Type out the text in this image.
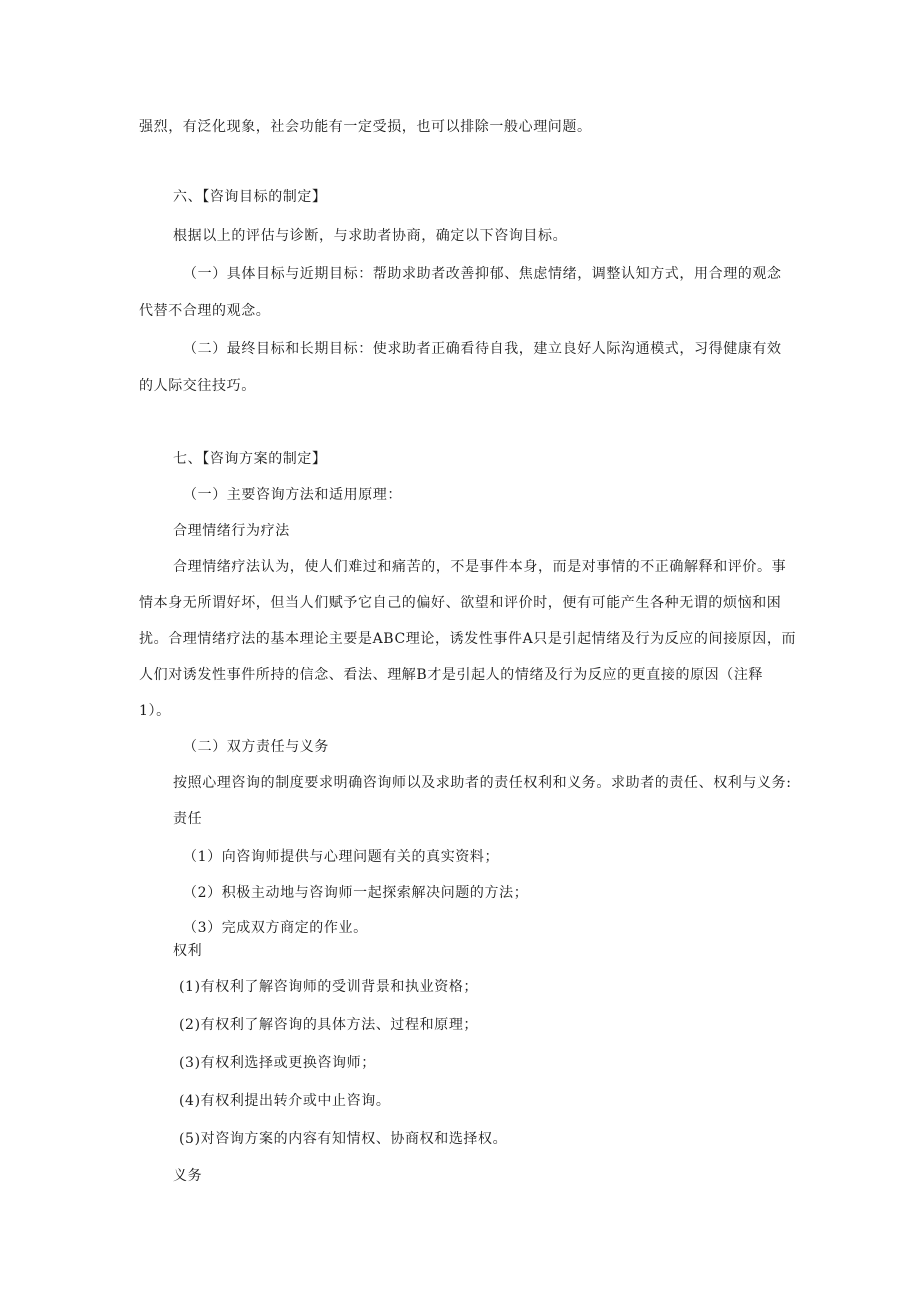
强烈，有泛化现象，社会功能有一定受损，也可以排除一般心理问题。
六、【咨询目标的制定】
根据以上的评估与诊断，与求助者协商，确定以下咨询目标。
（一）具体目标与近期目标：帮助求助者改善抑郁、焦虑情绪，调整认知方式，用合理的观念
代替不合理的观念。
（二）最终目标和长期目标：使求助者正确看待自我，建立良好人际沟通模式，习得健康有效
的人际交往技巧。
七、【咨询方案的制定】
（一）主要咨询方法和适用原理：
合理情绪行为疗法
合理情绪疗法认为，使人们难过和痛苦的，不是事件本身，而是对事情的不正确解释和评价。事
情本身无所谓好坏，但当人们赋予它自己的偏好、欲望和评价时，便有可能产生各种无谓的烦恼和困
扰。合理情绪疗法的基本理论主要是ABC理论，诱发性事件A只是引起情绪及行为反应的间接原因，而
人们对诱发性事件所持的信念、看法、理解B才是引起人的情绪及行为反应的更直接的原因（注释
1）。
（二）双方责任与义务
按照心理咨询的制度要求明确咨询师以及求助者的责任权利和义务。求助者的责任、权利与义务:
责任
（1）向咨询师提供与心理问题有关的真实资料；
（2）积极主动地与咨询师一起探索解决问题的方法；
（3）完成双方商定的作业。
权利
(1)有权利了解咨询师的受训背景和执业资格；
(2)有权利了解咨询的具体方法、过程和原理；
(3)有权利选择或更换咨询师；
(4)有权利提出转介或中止咨询。
(5)对咨询方案的内容有知情权、协商权和选择权。
义务
